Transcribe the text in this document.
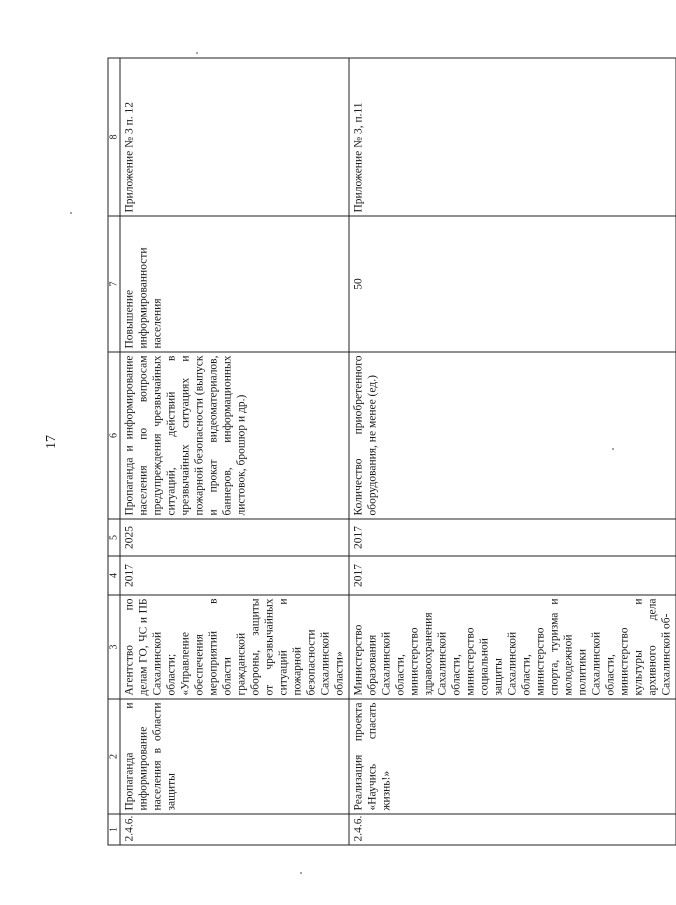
17
1	2	3	4	5	6	7	8
2.4.6.	Пропаганда и информирование населения в области защиты	Агентство по делам ГО, ЧС и ПБ Сахалинской области; «Управление обеспечения мероприятий в области гражданской обороны, защиты от чрезвычайных ситуаций и пожарной безопасности Сахалинской области»	2017	2025	Пропаганда и информирование населения по вопросам предупреждения чрезвычайных ситуаций, действий в чрезвычайных ситуациях и пожарной безопасности (выпуск и прокат видеоматериалов, баннеров, информационных листовок, брошюр и др.)	Повышение информированности населения	Приложение № 3 п. 12
2.4.6.	Реализация проекта «Научись спасать жизнь!»	Министерство образования Сахалинской области, министерство здравоохранения Сахалинской области, министерство социальной защиты Сахалинской области, министерство спорта, туризма и молодежной политики Сахалинской области, министерство культуры и архивного дела Сахалинской об-	2017	2017	Количество приобретенного оборудования, не менее (ед.)	50	Приложение № 3, п.11
